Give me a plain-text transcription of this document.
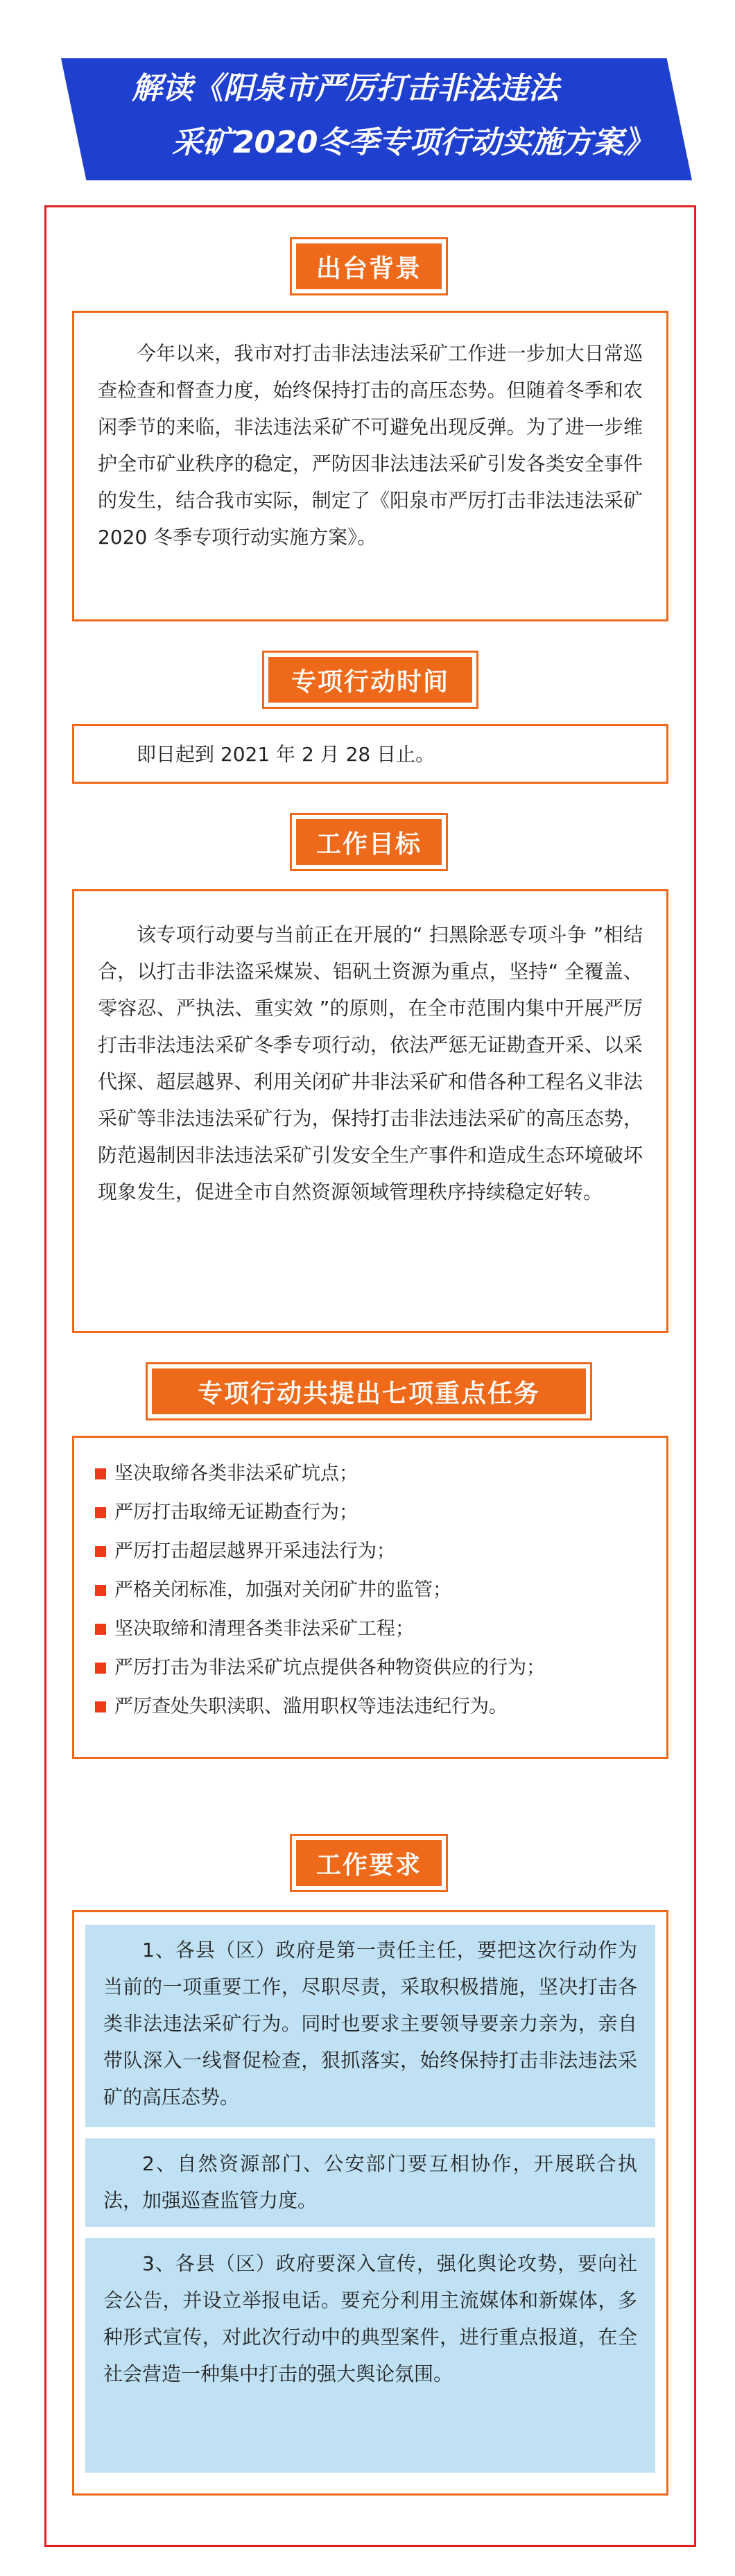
解读《阳泉市严厉打击非法违法
采矿2020冬季专项行动实施方案》
出台背景

今年以来，我市对打击非法违法采矿工作进一步加大日常巡查检查和督查力度，始终保持打击的高压态势。但随着冬季和农闲季节的来临，非法违法采矿不可避免出现反弹。为了进一步维护全市矿业秩序的稳定，严防因非法违法采矿引发各类安全事件的发生，结合我市实际，制定了《阳泉市严厉打击非法违法采矿 2020 冬季专项行动实施方案》。

专项行动时间

即日起到 2021 年 2 月 28 日止。

工作目标

该专项行动要与当前正在开展的“ 扫黑除恶专项斗争 ”相结合，以打击非法盗采煤炭、铝矾土资源为重点，坚持“ 全覆盖、零容忍、严执法、重实效 ”的原则，在全市范围内集中开展严厉打击非法违法采矿冬季专项行动，依法严惩无证勘查开采、以采代探、超层越界、利用关闭矿井非法采矿和借各种工程名义非法采矿等非法违法采矿行为，保持打击非法违法采矿的高压态势，防范遏制因非法违法采矿引发安全生产事件和造成生态环境破坏现象发生，促进全市自然资源领域管理秩序持续稳定好转。

专项行动共提出七项重点任务
坚决取缔各类非法采矿坑点；
严厉打击取缔无证勘查行为；
严厉打击超层越界开采违法行为；
严格关闭标准，加强对关闭矿井的监管；
坚决取缔和清理各类非法采矿工程；
严厉打击为非法采矿坑点提供各种物资供应的行为；
严厉查处失职渎职、滥用职权等违法违纪行为。
工作要求

1、各县（区）政府是第一责任主任，要把这次行动作为当前的一项重要工作，尽职尽责，采取积极措施，坚决打击各类非法违法采矿行为。同时也要求主要领导要亲力亲为，亲自带队深入一线督促检查，狠抓落实，始终保持打击非法违法采矿的高压态势。

2、自然资源部门、公安部门要互相协作，开展联合执法，加强巡查监管力度。

3、各县（区）政府要深入宣传，强化舆论攻势，要向社会公告，并设立举报电话。要充分利用主流媒体和新媒体，多种形式宣传，对此次行动中的典型案件，进行重点报道，在全社会营造一种集中打击的强大舆论氛围。
